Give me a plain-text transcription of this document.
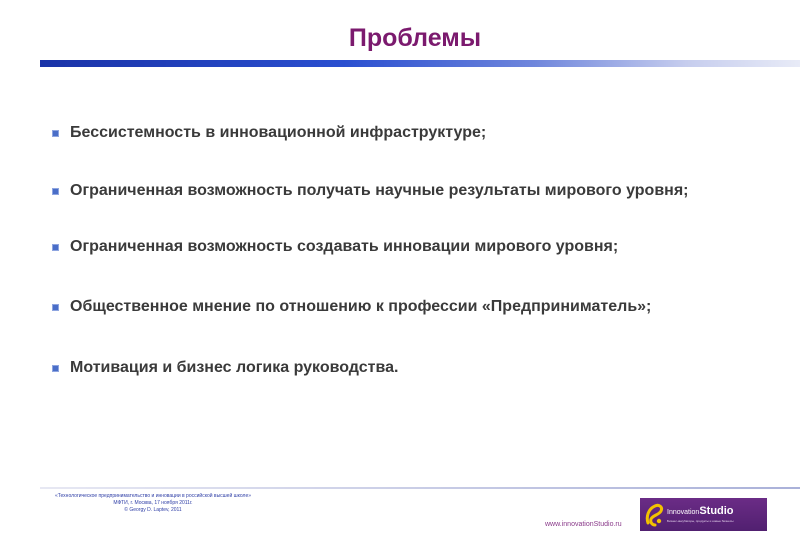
Проблемы
Бессистемность в инновационной инфраструктуре;
Ограниченная возможность получать научные результаты мирового уровня;
Ограниченная возможность создавать инновации мирового уровня;
Общественное мнение по отношению к профессии «Предприниматель»;
Мотивация и бизнес логика руководства.
«Технологическое предпринимательство и инновации в российской высшей школе»
МФТИ, г. Москва, 17 ноября 2011г.
© Georgy D. Laptev, 2011
www.innovationStudio.ru
InnovationStudio
Бизнес-инкубаторы, продукты и новые бизнесы
